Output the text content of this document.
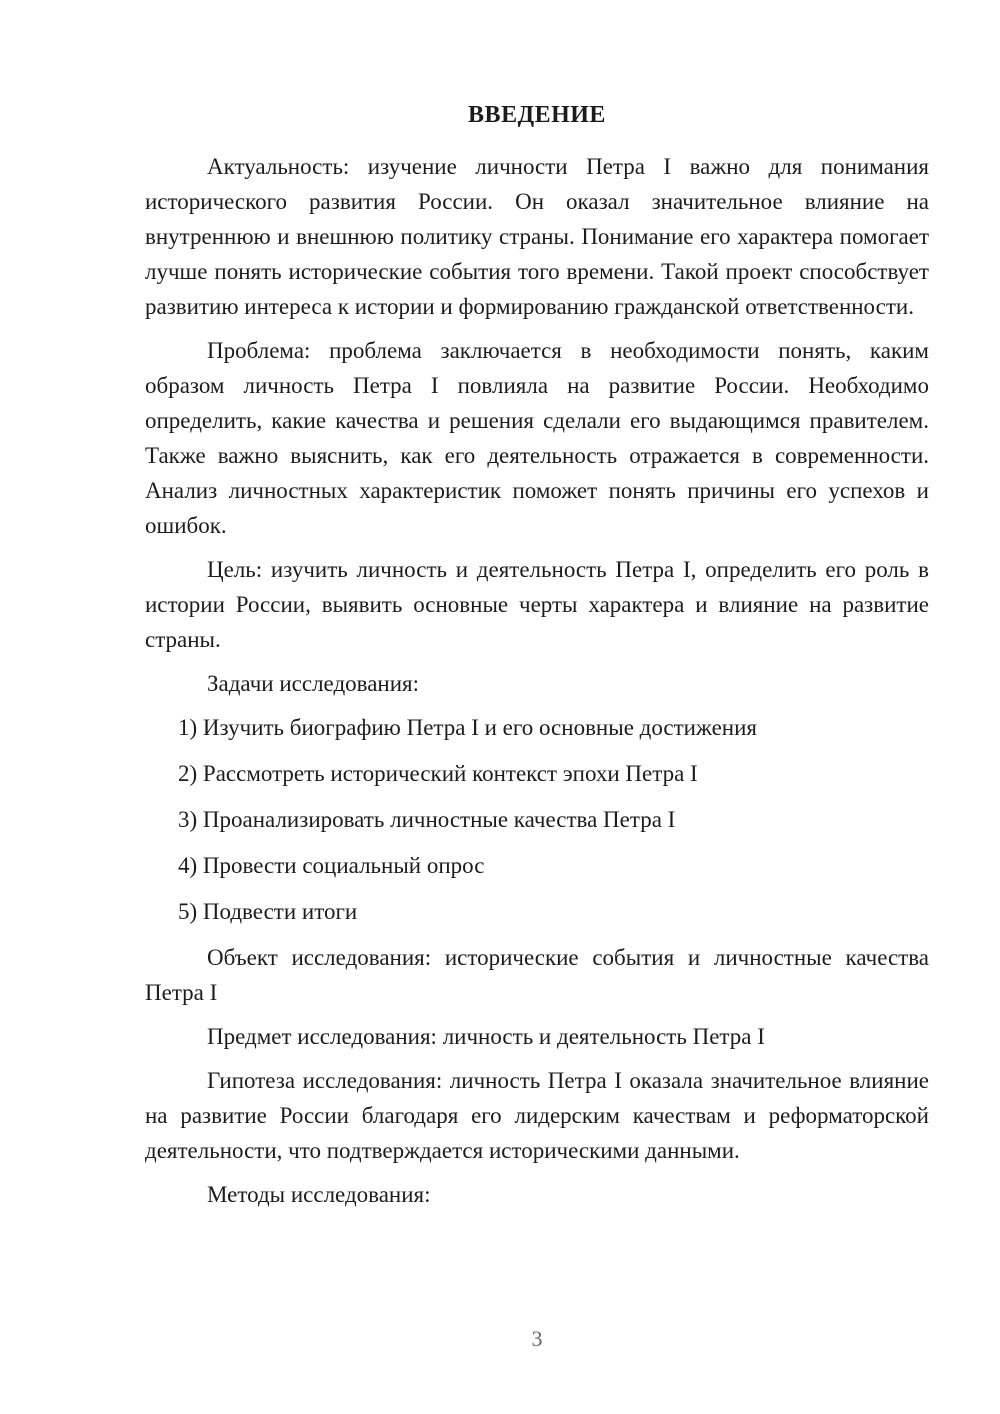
ВВЕДЕНИЕ

Актуальность: изучение личности Петра I важно для понимания исторического развития России. Он оказал значительное влияние на внутреннюю и внешнюю политику страны. Понимание его характера помогает лучше понять исторические события того времени. Такой проект способствует развитию интереса к истории и формированию гражданской ответственности.

Проблема: проблема заключается в необходимости понять, каким образом личность Петра I повлияла на развитие России. Необходимо определить, какие качества и решения сделали его выдающимся правителем. Также важно выяснить, как его деятельность отражается в современности. Анализ личностных характеристик поможет понять причины его успехов и ошибок.

Цель: изучить личность и деятельность Петра I, определить его роль в истории России, выявить основные черты характера и влияние на развитие страны.

Задачи исследования:

1) Изучить биографию Петра I и его основные достижения

2) Рассмотреть исторический контекст эпохи Петра I

3) Проанализировать личностные качества Петра I

4) Провести социальный опрос

5) Подвести итоги

Объект исследования: исторические события и личностные качества Петра I

Предмет исследования: личность и деятельность Петра I

Гипотеза исследования: личность Петра I оказала значительное влияние на развитие России благодаря его лидерским качествам и реформаторской деятельности, что подтверждается историческими данными.

Методы исследования:

3
